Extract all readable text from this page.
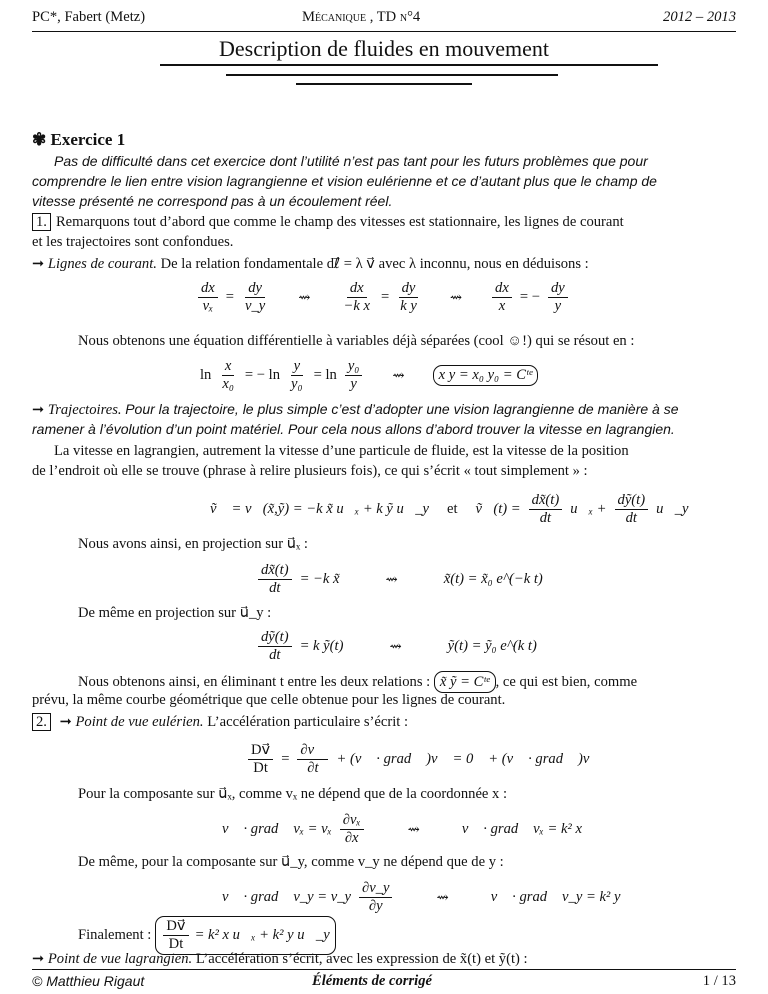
PC*, Fabert (Metz)	Mécanique , TD n°4	2012 – 2013
Description de fluides en mouvement
✾ Exercice 1
Pas de difficulté dans cet exercice dont l’utilité n’est pas tant pour les futurs problèmes que pour
comprendre le lien entre vision lagrangienne et vision eulérienne et ce d’autant plus que le champ de
vitesse présenté ne correspond pas à un écoulement réel.
1. Remarquons tout d’abord que comme le champ des vitesses est stationnaire, les lignes de courant
et les trajectoires sont confondues.
➞ Lignes de courant. De la relation fondamentale dℓ⃗ = λ v⃗ avec λ inconnu, nous en déduisons :
$\frac{dx}{\text{vₓ}} = \frac{dy}{v\_y}$ ⇝ $\frac{dx}{\text{−k x}} = \frac{dy}{\text{k y}}$ ⇝ $\frac{dx}{x}$ = − $\frac{dy}{y}$
Nous obtenons une équation différentielle à variables déjà séparées (cool ☺!) qui se résout en :
$\ln \frac{x}{\text{x₀}}$ = − $\ln \frac{y}{\text{y₀}} = \ln \frac{\text{y₀}}{y}$ ⇝	x y = x₀ y₀ = Cᵗᵉ
➞ Trajectoires. Pour la trajectoire, le plus simple c’est d’adopter une vision lagrangienne de manière à se
ramener à l’évolution d’un point matériel. Pour cela nous allons d’abord trouver la vitesse en lagrangien.
La vitesse en lagrangien, autrement la vitesse d’une particule de fluide, est la vitesse de la position
de l’endroit où elle se trouve (phrase à relire plusieurs fois), ce qui s’écrit « tout simplement » :
ṽ⃗ = v⃗(x̃,ỹ) = −k x̃ u⃗ₓ + k ỹ u⃗_y et ṽ⃗(t) = $\frac{dx̃(t)}{dt}$ u⃗ₓ + $\frac{\text{dỹ(t)}}{dt}$ u⃗_y
Nous avons ainsi, en projection sur u⃗ₓ :
$\frac{dx̃(t)}{dt} = -k$ x̃	⇝	x̃(t) = x̃₀ e^(−k t)
De même en projection sur u⃗_y :
$\frac{\text{dỹ(t)}}{dt} = k$ ỹ(t)	⇝	ỹ(t) = ỹ₀ e^(k t)
Nous obtenons ainsi, en éliminant t entre les deux relations : x̃ ỹ = Cᵗᵉ , ce qui est bien, comme
prévu, la même courbe géométrique que celle obtenue pour les lignes de courant.
2. ➞ Point de vue eulérien. L’accélération particulaire s’écrit :
$\frac{Dv⃗}{Dt} = \frac{\partial v⃗}{\partial t}$ + (v⃗ · grad⃗ )v⃗ = 0⃗ + (v⃗ · grad⃗ )v⃗
Pour la composante sur u⃗ₓ, comme vₓ ne dépend que de la coordonnée x :
v⃗ · grad⃗ vₓ = vₓ $\frac{\text{∂vₓ}}{\partial x}$	⇝	v⃗ · grad⃗ vₓ = k² x
De même, pour la composante sur u⃗_y, comme v_y ne dépend que de y :
v⃗ · grad⃗ v_y = v_y $\frac{\partial v\_y}{\partial y}$	⇝	v⃗ · grad⃗ v_y = k² y
Finalement : $\frac{Dv⃗}{Dt} = k^2$ x u⃗ₓ + k² y u⃗_y
➞ Point de vue lagrangien. L’accélération s’écrit, avec les expression de x̃(t) et ỹ(t) :
© Matthieu Rigaut	Éléments de corrigé	1 / 13
